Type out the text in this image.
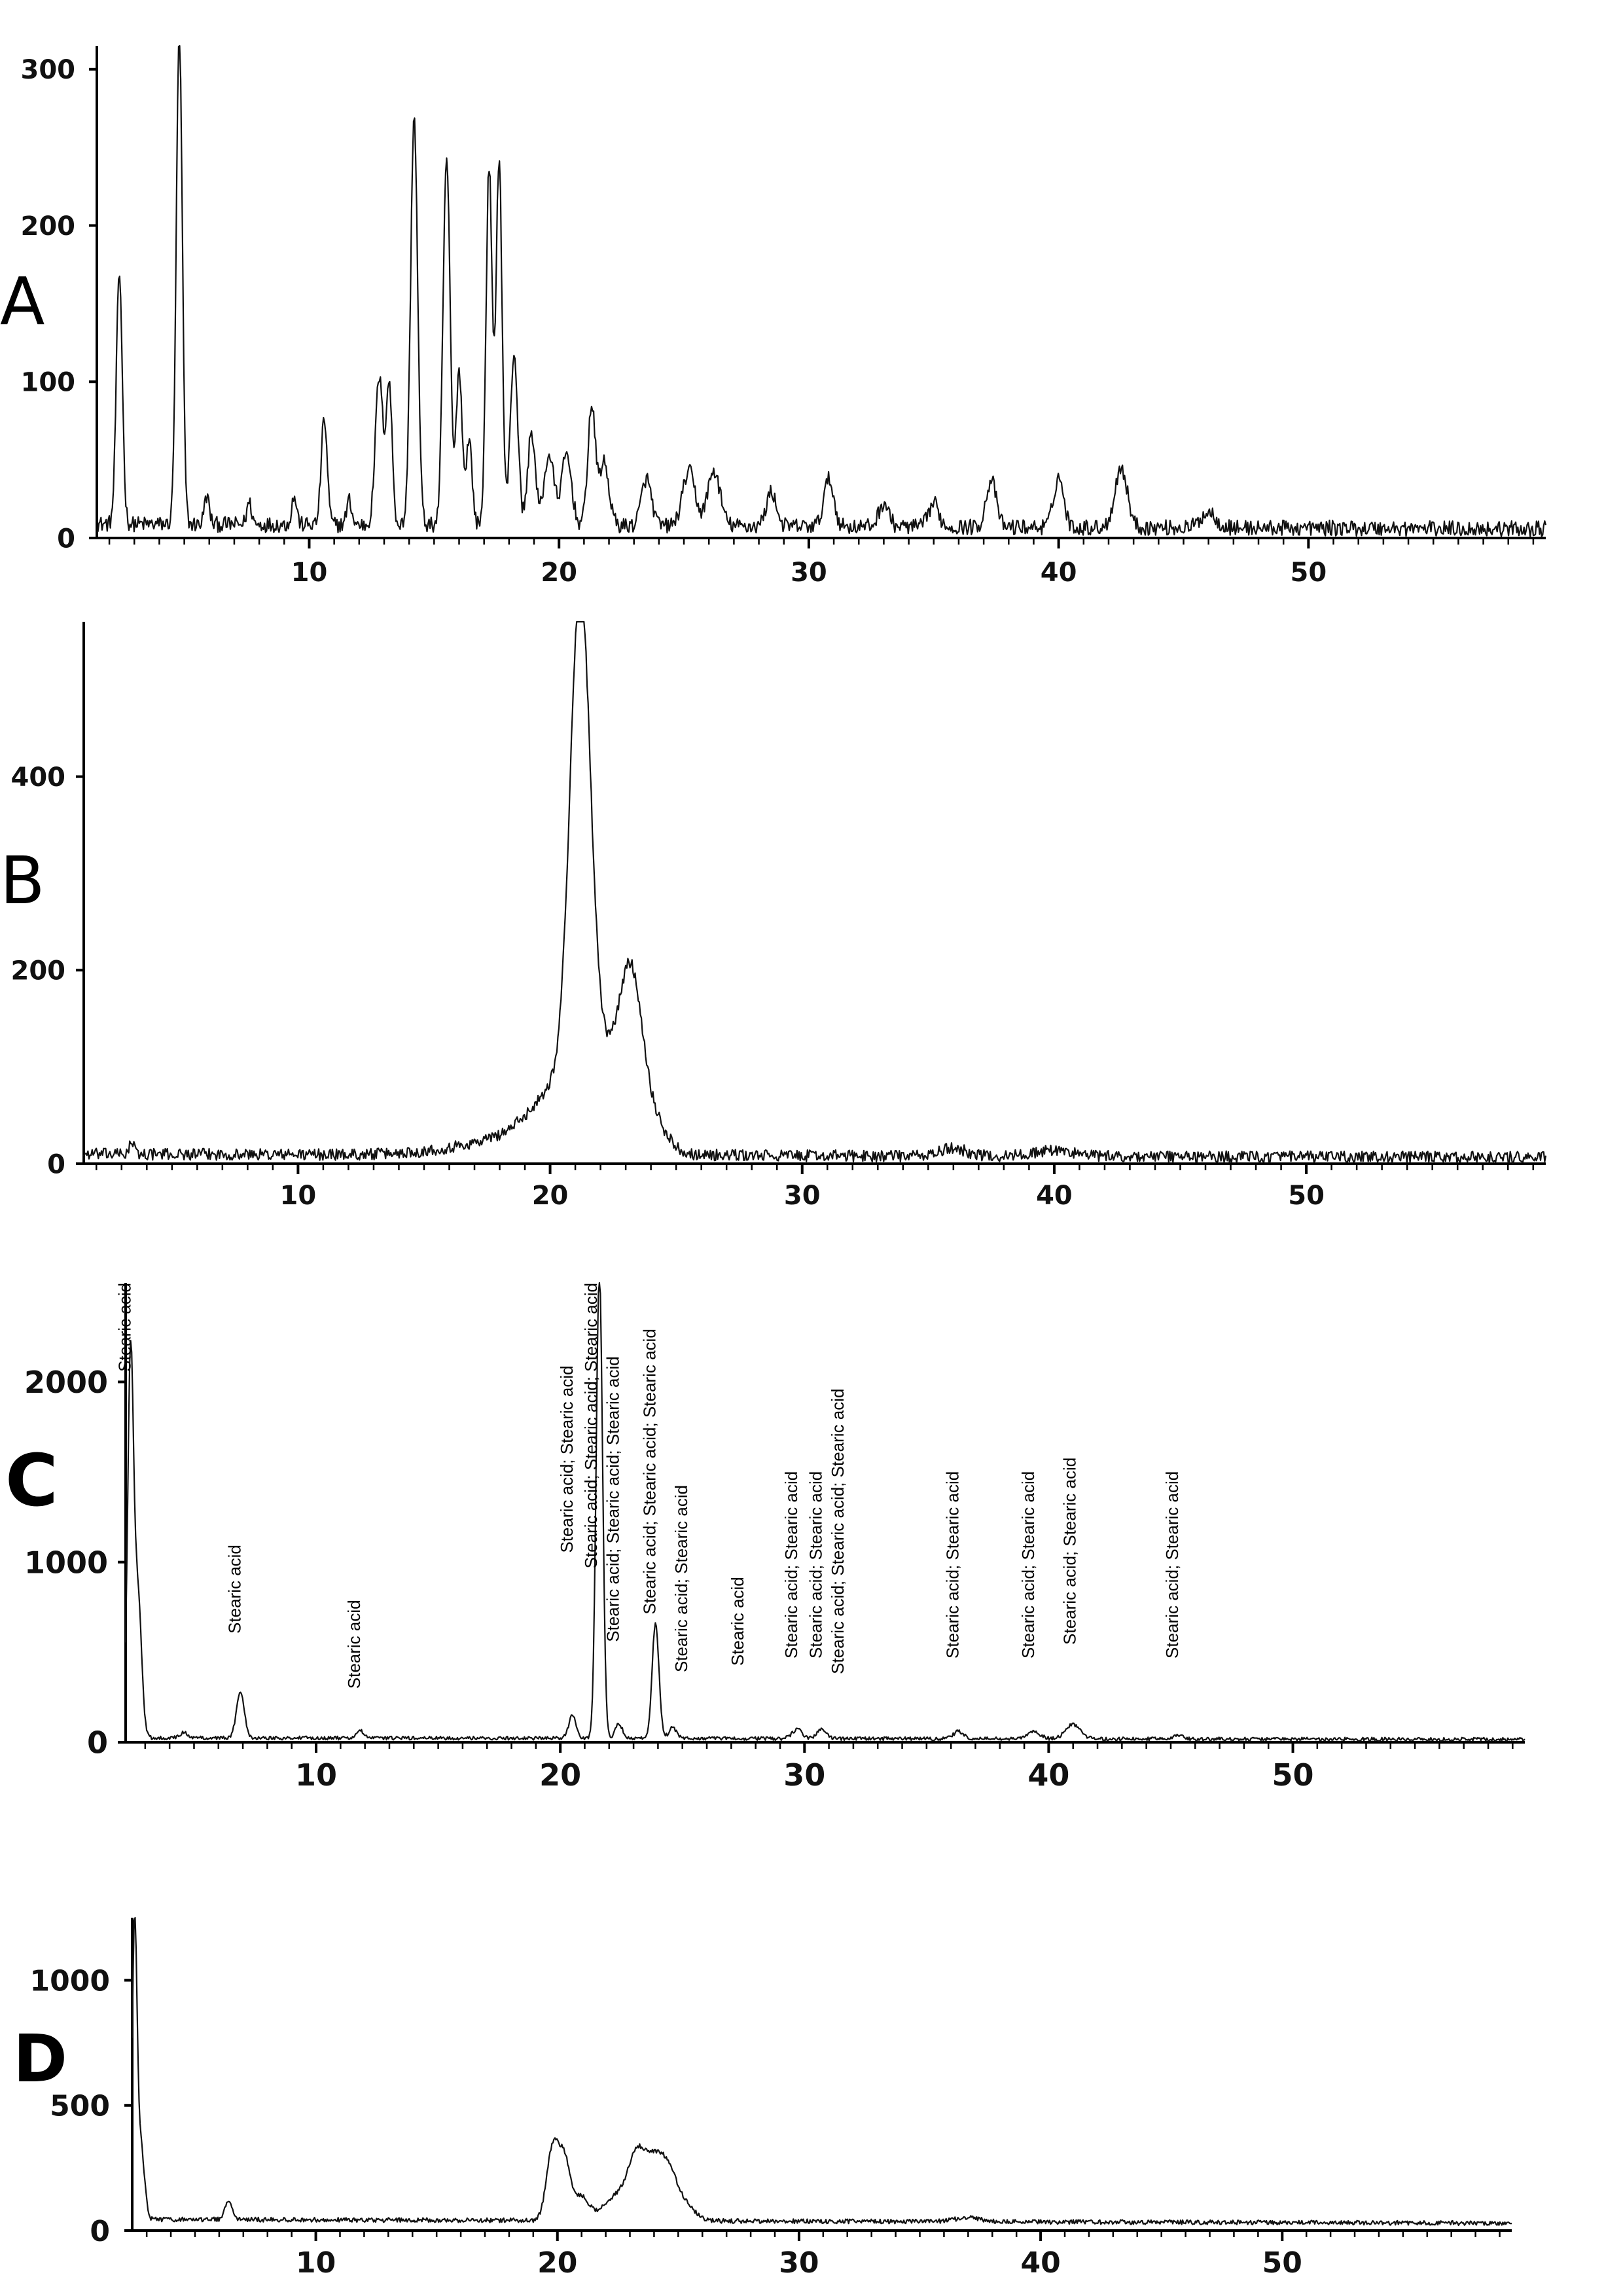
A
10	20	30	40	50
0
100
200
300
B
10	20	30	40	50
0
200
400
C
10	20	30	40	50
0
1000
2000
Stearic acid
Stearic acid
Stearic acid
Stearic acid; Stearic acid Stearic acid; Stearic acid; Stearic acid Stearic acid; Stearic acid; Stearic acid Stearic acid; Stearic acid; Stearic acid Stearic acid; Stearic acid Stearic acid Stearic acid; Stearic acid Stearic acid; Stearic acid Stearic acid; Stearic acid; Stearic acid	Stearic acid; Stearic acid	Stearic acid; Stearic acid Stearic acid; Stearic acid	Stearic acid; Stearic acid
D
10	20	30	40	50
0
500
1000
